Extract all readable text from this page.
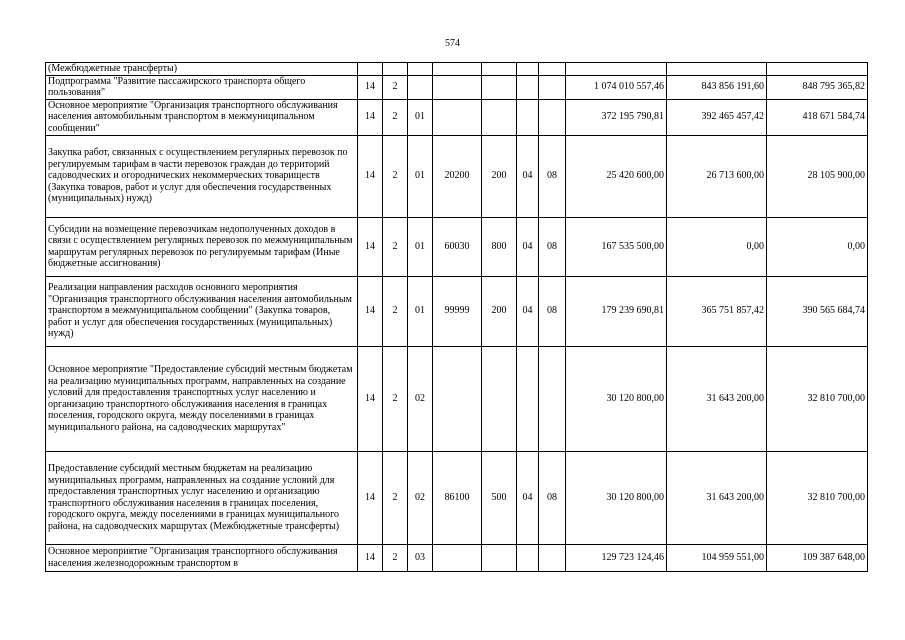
574
(Межбюджетные трансферты)										
Подпрограмма "Развитие пассажирского транспорта общего пользования"	14	2						1 074 010 557,46	843 856 191,60	848 795 365,82
Основное мероприятие "Организация транспортного обслуживания населения автомобильным транспортом в межмуниципальном сообщении"	14	2	01					372 195 790,81	392 465 457,42	418 671 584,74
Закупка работ, связанных с осуществлением регулярных перевозок по регулируемым тарифам в части перевозок граждан до территорий садоводческих и огороднических некоммерческих товариществ (Закупка товаров, работ и услуг для обеспечения государственных (муниципальных) нужд)	14	2	01	20200	200	04	08	25 420 600,00	26 713 600,00	28 105 900,00
Субсидии на возмещение перевозчикам недополученных доходов в связи с осуществлением регулярных перевозок по межмуниципальным маршрутам регулярных перевозок по регулируемым тарифам (Иные бюджетные ассигнования)	14	2	01	60030	800	04	08	167 535 500,00	0,00	0,00
Реализация направления расходов основного мероприятия "Организация транспортного обслуживания населения автомобильным транспортом в межмуниципальном сообщении" (Закупка товаров, работ и услуг для обеспечения государственных (муниципальных) нужд)	14	2	01	99999	200	04	08	179 239 690,81	365 751 857,42	390 565 684,74
Основное мероприятие "Предоставление субсидий местным бюджетам на реализацию муниципальных программ, направленных на создание условий для предоставления транспортных услуг населению и организацию транспортного обслуживания населения в границах поселения, городского округа, между поселениями в границах муниципального района, на садоводческих маршрутах"	14	2	02					30 120 800,00	31 643 200,00	32 810 700,00
Предоставление субсидий местным бюджетам на реализацию муниципальных программ, направленных на создание условий для предоставления транспортных услуг населению и организацию транспортного обслуживания населения в границах поселения, городского округа, между поселениями в границах муниципального района, на садоводческих маршрутах (Межбюджетные трансферты)	14	2	02	86100	500	04	08	30 120 800,00	31 643 200,00	32 810 700,00
Основное мероприятие "Организация транспортного обслуживания населения железнодорожным транспортом в	14	2	03					129 723 124,46	104 959 551,00	109 387 648,00
